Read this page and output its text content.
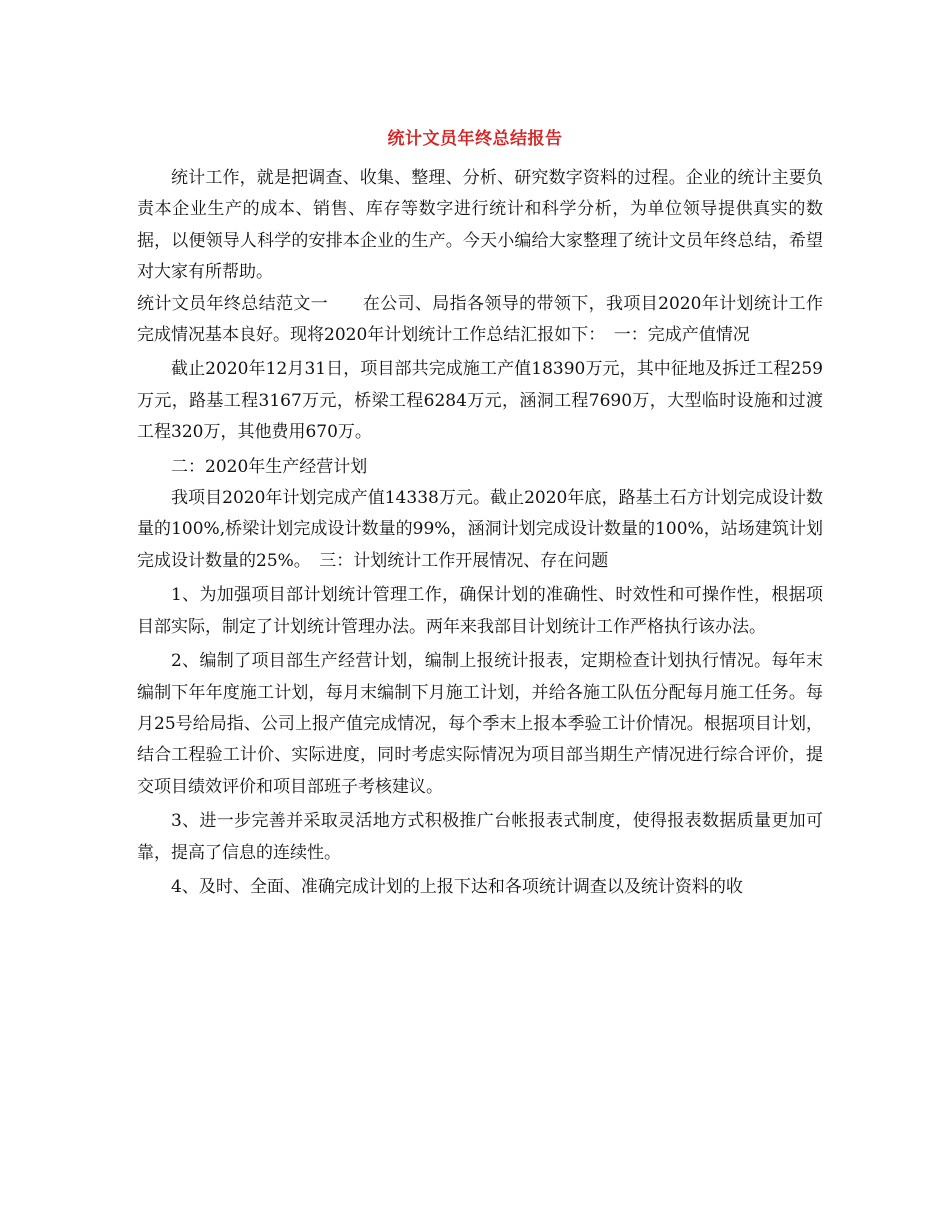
统计文员年终总结报告

统计工作，就是把调查、收集、整理、分析、研究数字资料的过程。企业的统计主要负责本企业生产的成本、销售、库存等数字进行统计和科学分析，为单位领导提供真实的数据，以便领导人科学的安排本企业的生产。今天小编给大家整理了统计文员年终总结，希望对大家有所帮助。

统计文员年终总结范文一　　在公司、局指各领导的带领下，我项目2020年计划统计工作完成情况基本良好。现将2020年计划统计工作总结汇报如下：　一：完成产值情况

截止2020年12月31日，项目部共完成施工产值18390万元，其中征地及拆迁工程259万元，路基工程3167万元，桥梁工程6284万元，涵洞工程7690万，大型临时设施和过渡工程320万，其他费用670万。

二：2020年生产经营计划

我项目2020年计划完成产值14338万元。截止2020年底，路基土石方计划完成设计数量的100%,桥梁计划完成设计数量的99%，涵洞计划完成设计数量的100%，站场建筑计划完成设计数量的25%。　三：计划统计工作开展情况、存在问题

1、为加强项目部计划统计管理工作，确保计划的准确性、时效性和可操作性，根据项目部实际，制定了计划统计管理办法。两年来我部目计划统计工作严格执行该办法。

2、编制了项目部生产经营计划，编制上报统计报表，定期检查计划执行情况。每年末编制下年年度施工计划，每月末编制下月施工计划，并给各施工队伍分配每月施工任务。每月25号给局指、公司上报产值完成情况，每个季末上报本季验工计价情况。根据项目计划，结合工程验工计价、实际进度，同时考虑实际情况为项目部当期生产情况进行综合评价，提交项目绩效评价和项目部班子考核建议。

3、进一步完善并采取灵活地方式积极推广台帐报表式制度，使得报表数据质量更加可靠，提高了信息的连续性。

4、及时、全面、准确完成计划的上报下达和各项统计调查以及统计资料的收
